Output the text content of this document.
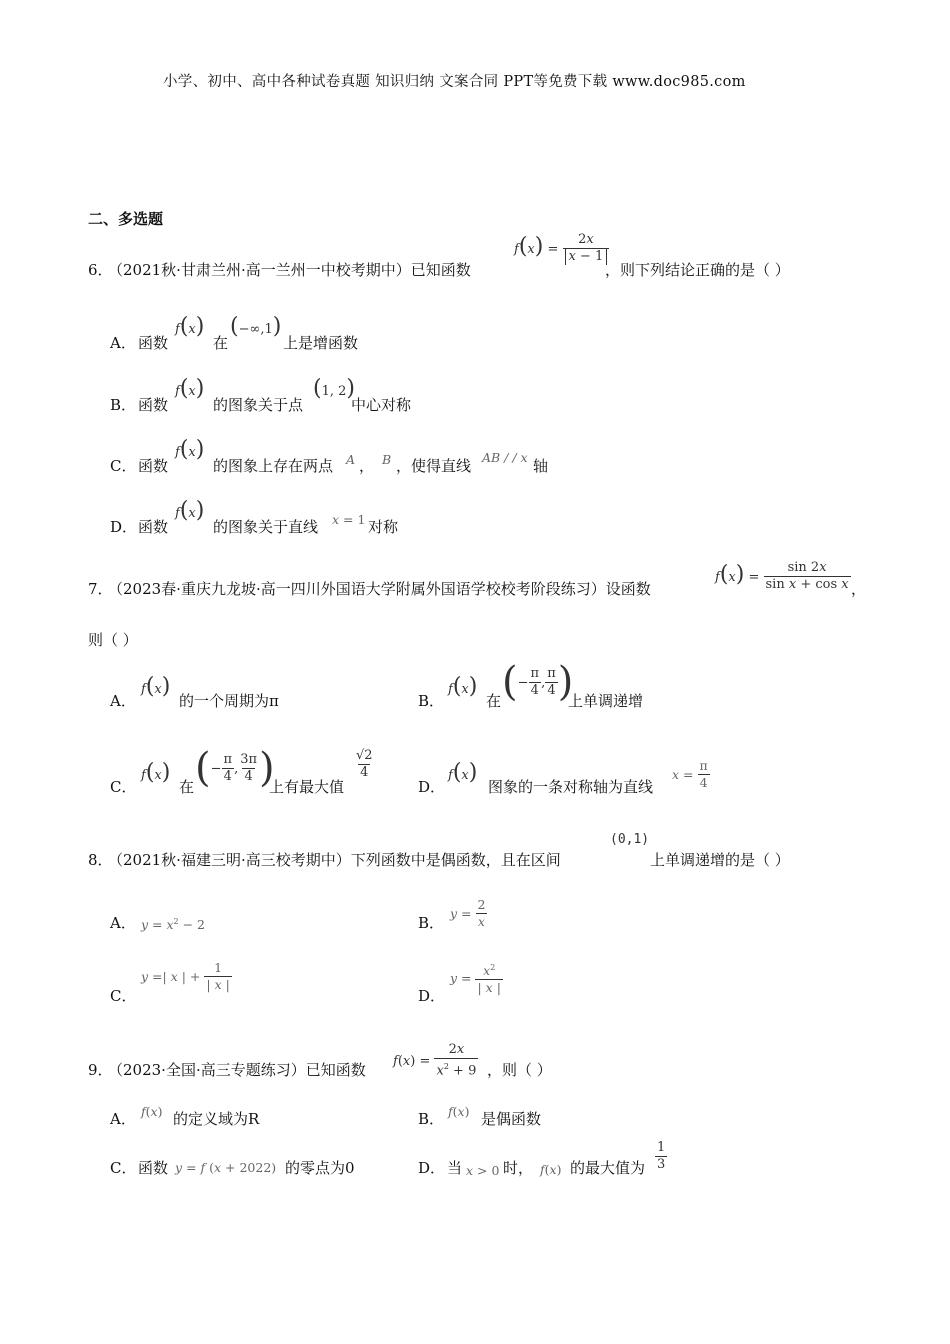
小学、初中、高中各种试卷真题 知识归纳 文案合同 PPT等免费下载 www.doc985.com
二、多选题
6．
（2021秋·甘肃兰州·高一兰州一中校考期中）已知函数
$f(x) = \frac{2x}{x - 1}$
，则下列结论正确的是（ ）
A． 函数
f(x)
在
(−∞,1)
上是增函数
B． 函数
f(x)
的图象关于点
(1, 2)
中心对称
C． 函数
f(x)
的图象上存在两点 A ， B ，使得直线 AB / / x 轴
D． 函数
f(x)
的图象关于直线 x = 1 对称
7．
（2023春·重庆九龙坡·高一四川外国语大学附属外国语学校校考阶段练习）设函数
$f(x) = \frac{\sin 2x}{\text{sin x + cos x}}$ ，
则（ ）
A．
f(x)
的一个周期为π	B．
f(x)
在 (− $\frac{\pi}{4}$ , $\frac{\pi}{4}$ )
上单调递增
C．
f(x)
在 (− $\frac{\pi}{4}$ , $\frac{3\pi}{4}$ )
上有最大值
$\frac{√2}{4}$
D．
f(x)
图象的一条对称轴为直线
$x = \frac{\pi}{4}$
8．
（2021秋·福建三明·高三校考期中）下列函数中是偶函数，且在区间
(0,1)
上单调递增的是（ ）
A． $y = x^2 - 2$	B．
$y = \frac{2}{x}$
C．
y =| x | + $\frac{1}{| x |}$
D．
$y = \frac{x^2}{| x |}$
9．
（2023·全国·高三专题练习）已知函数 $f(x) = \frac{2x}{x^2 + 9}$ ，则（ ）
A． f(x) 的定义域为R	B． f(x) 是偶函数
C． 函数 y = f (x + 2022) 的零点为0	D． 当 x > 0 时， f(x) 的最大值为 $\frac{1}{3}$
